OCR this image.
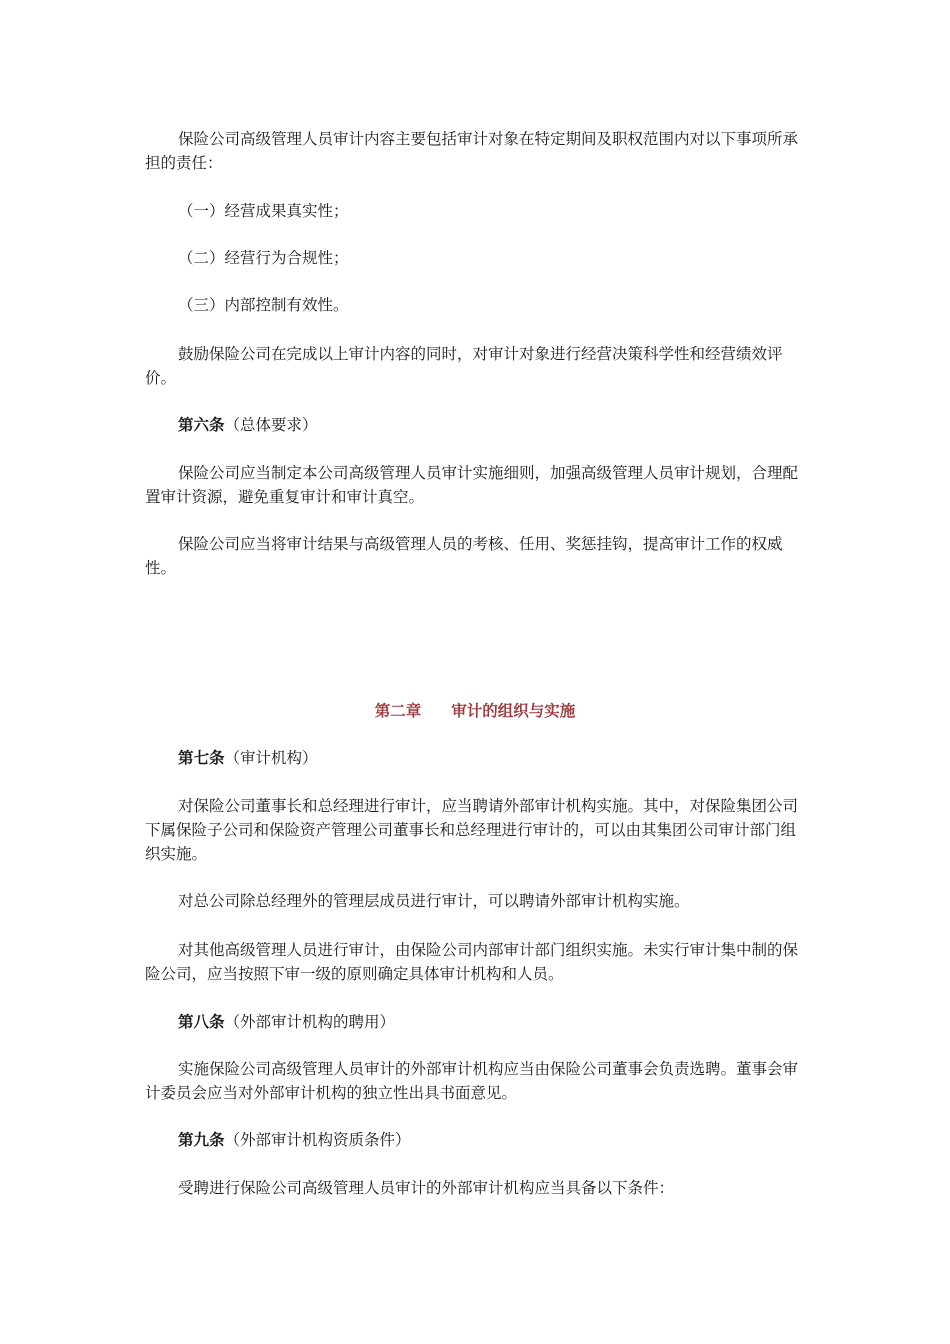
保险公司高级管理人员审计内容主要包括审计对象在特定期间及职权范围内对以下事项所承担的责任：

（一）经营成果真实性；

（二）经营行为合规性；

（三）内部控制有效性。

鼓励保险公司在完成以上审计内容的同时，对审计对象进行经营决策科学性和经营绩效评价。

第六条（总体要求）

保险公司应当制定本公司高级管理人员审计实施细则，加强高级管理人员审计规划，合理配置审计资源，避免重复审计和审计真空。

保险公司应当将审计结果与高级管理人员的考核、任用、奖惩挂钩，提高审计工作的权威性。

第二章 审计的组织与实施

第七条（审计机构）

对保险公司董事长和总经理进行审计，应当聘请外部审计机构实施。其中，对保险集团公司下属保险子公司和保险资产管理公司董事长和总经理进行审计的，可以由其集团公司审计部门组织实施。

对总公司除总经理外的管理层成员进行审计，可以聘请外部审计机构实施。

对其他高级管理人员进行审计，由保险公司内部审计部门组织实施。未实行审计集中制的保险公司，应当按照下审一级的原则确定具体审计机构和人员。

第八条（外部审计机构的聘用）

实施保险公司高级管理人员审计的外部审计机构应当由保险公司董事会负责选聘。董事会审计委员会应当对外部审计机构的独立性出具书面意见。

第九条（外部审计机构资质条件）

受聘进行保险公司高级管理人员审计的外部审计机构应当具备以下条件：
